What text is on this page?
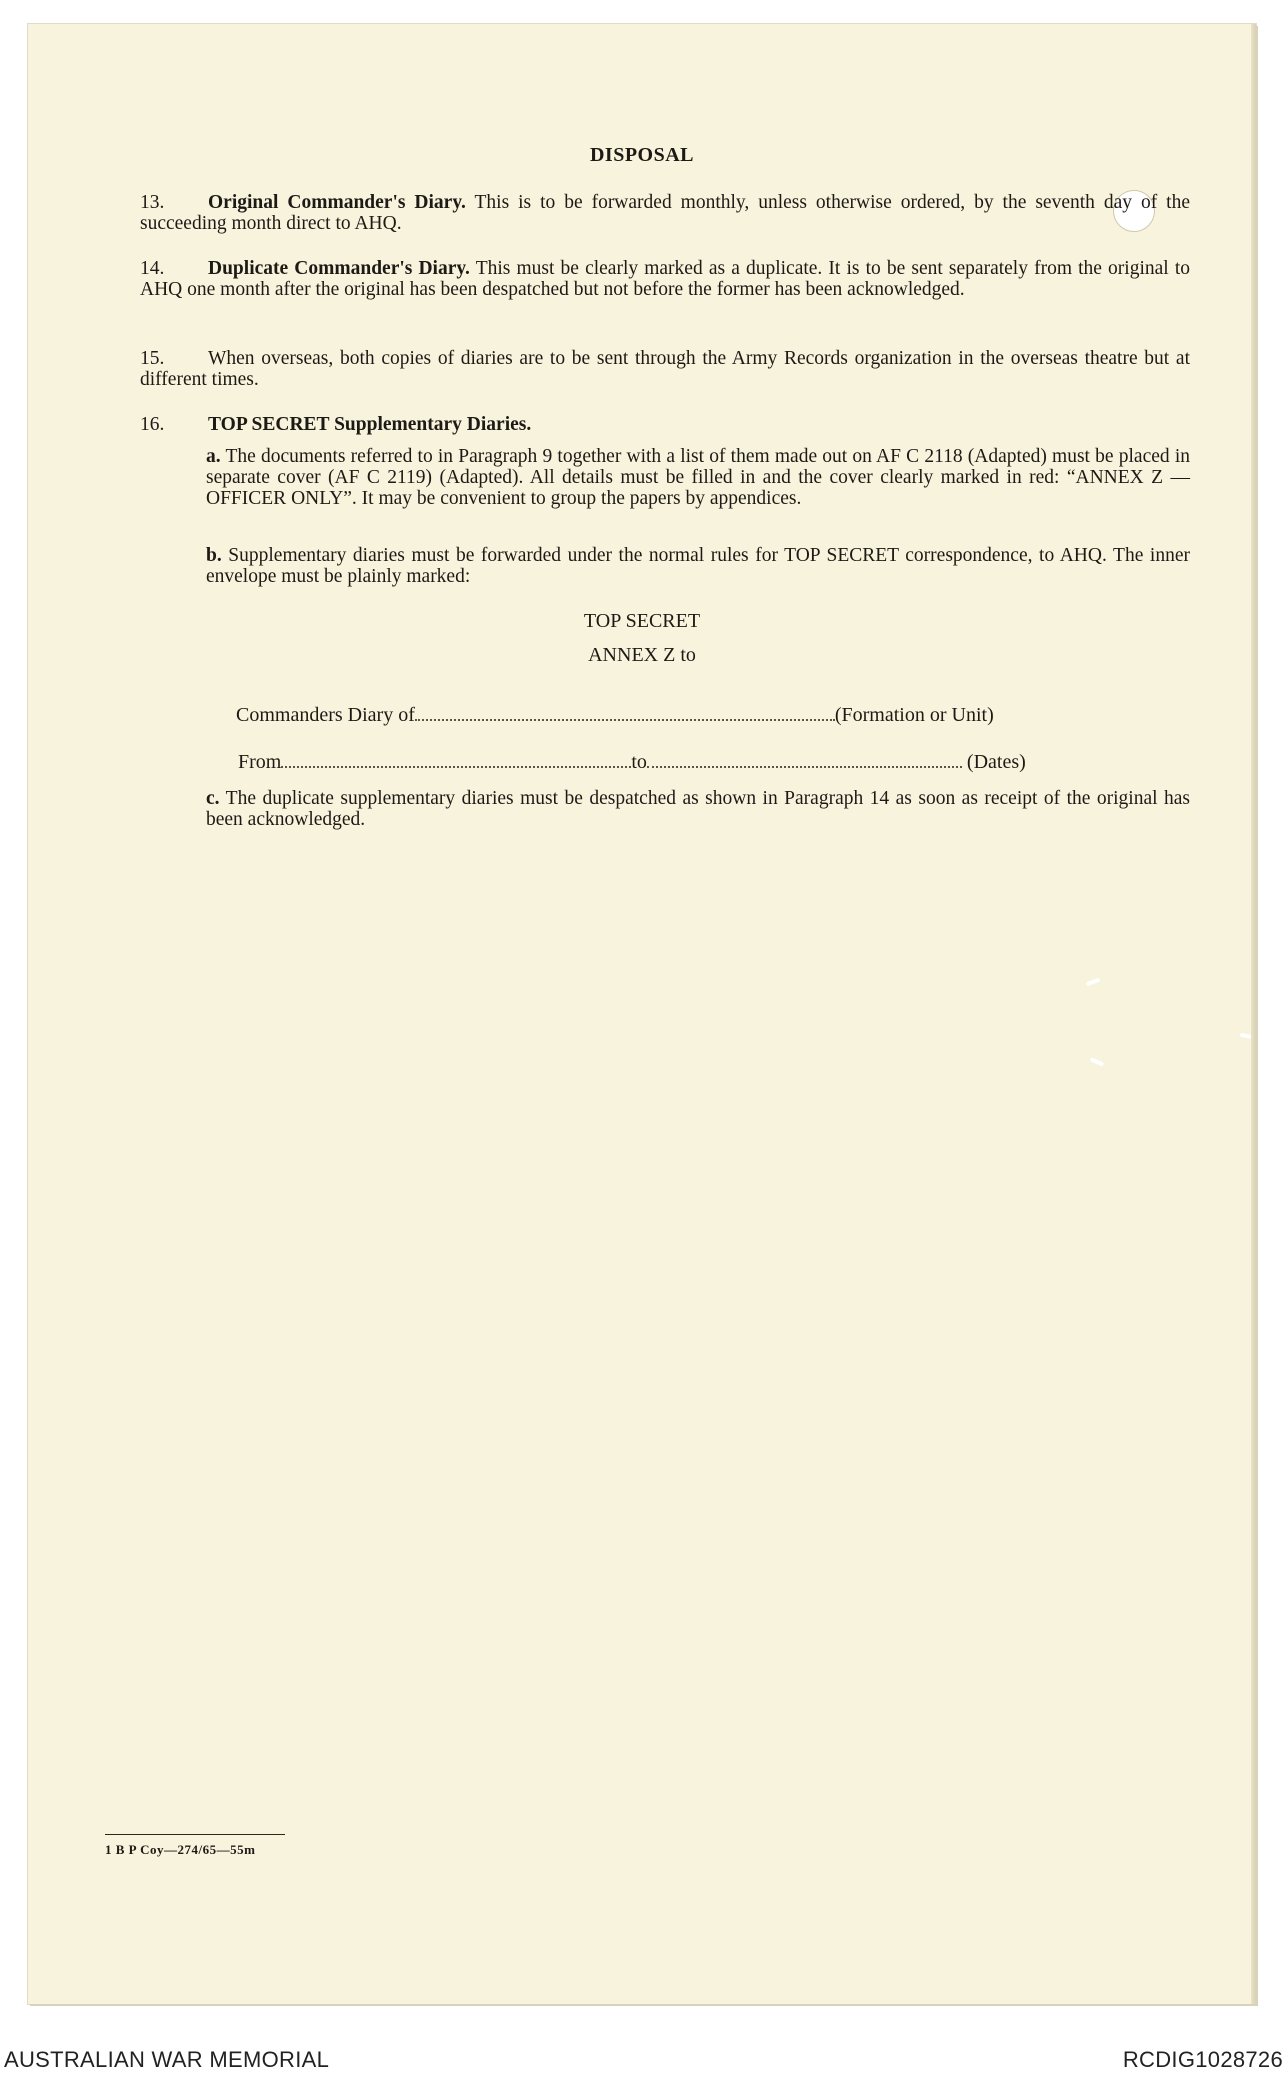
DISPOSAL
13. Original Commander's Diary. This is to be forwarded monthly, unless otherwise ordered, by the seventh day of the succeeding month direct to AHQ.
14. Duplicate Commander's Diary. This must be clearly marked as a duplicate. It is to be sent separately from the original to AHQ one month after the original has been despatched but not before the former has been acknowledged.
15. When overseas, both copies of diaries are to be sent through the Army Records organization in the overseas theatre but at different times.
16. TOP SECRET Supplementary Diaries.
a. The documents referred to in Paragraph 9 together with a list of them made out on AF C 2118 (Adapted) must be placed in separate cover (AF C 2119) (Adapted). All details must be filled in and the cover clearly marked in red: “ANNEX Z — OFFICER ONLY”. It may be convenient to group the papers by appendices.
b. Supplementary diaries must be forwarded under the normal rules for TOP SECRET correspondence, to AHQ. The inner envelope must be plainly marked:
TOP SECRET
ANNEX Z to
Commanders Diary of	(Formation or Unit)
From	to	(Dates)
c. The duplicate supplementary diaries must be despatched as shown in Paragraph 14 as soon as receipt of the original has been acknowledged.
1 B P Coy—274/65—55m
AUSTRALIAN WAR MEMORIAL	RCDIG1028726
